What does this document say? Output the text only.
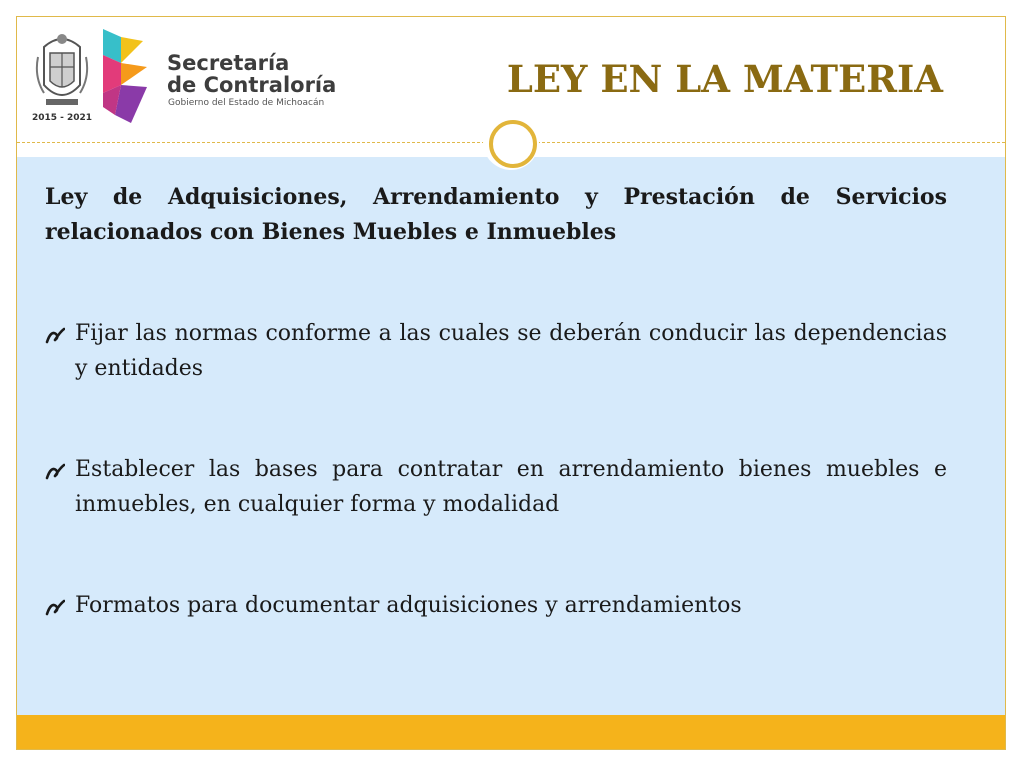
2015 - 2021
Secretaría
de Contraloría
Gobierno del Estado de Michoacán
LEY EN LA MATERIA
Ley de Adquisiciones, Arrendamiento y Prestación de Servicios relacionados con Bienes Muebles e Inmuebles
Fijar las normas conforme a las cuales se deberán conducir las dependencias y entidades
Establecer las bases para contratar en arrendamiento bienes muebles e inmuebles, en cualquier forma y modalidad
Formatos para documentar adquisiciones y arrendamientos
